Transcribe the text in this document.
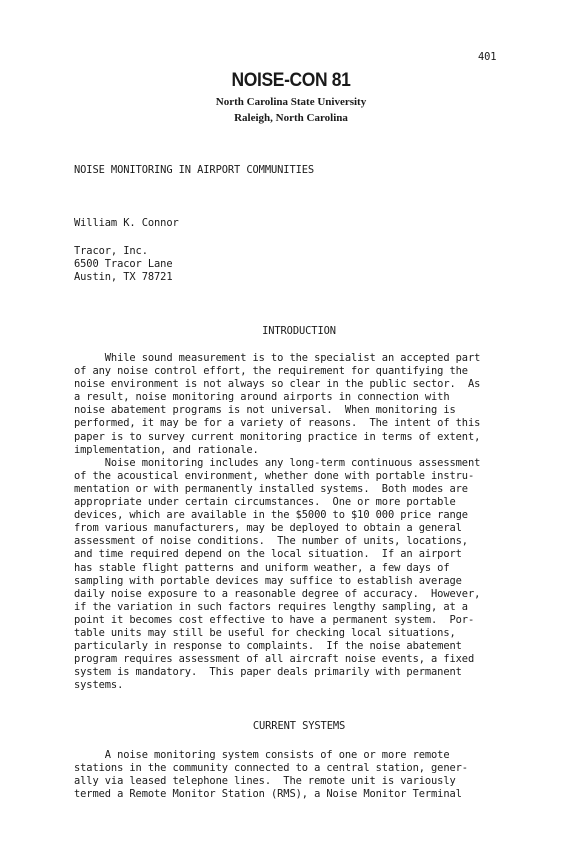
401
NOISE-CON 81
North Carolina State University
Raleigh, North Carolina
NOISE MONITORING IN AIRPORT COMMUNITIES
William K. Connor
Tracor, Inc.
6500 Tracor Lane
Austin, TX 78721
INTRODUCTION
While sound measurement is to the specialist an accepted part
of any noise control effort, the requirement for quantifying the
noise environment is not always so clear in the public sector.  As
a result, noise monitoring around airports in connection with
noise abatement programs is not universal.  When monitoring is
performed, it may be for a variety of reasons.  The intent of this
paper is to survey current monitoring practice in terms of extent,
implementation, and rationale.
Noise monitoring includes any long-term continuous assessment
of the acoustical environment, whether done with portable instru-
mentation or with permanently installed systems.  Both modes are
appropriate under certain circumstances.  One or more portable
devices, which are available in the $5000 to $10 000 price range
from various manufacturers, may be deployed to obtain a general
assessment of noise conditions.  The number of units, locations,
and time required depend on the local situation.  If an airport
has stable flight patterns and uniform weather, a few days of
sampling with portable devices may suffice to establish average
daily noise exposure to a reasonable degree of accuracy.  However,
if the variation in such factors requires lengthy sampling, at a
point it becomes cost effective to have a permanent system.  Por-
table units may still be useful for checking local situations,
particularly in response to complaints.  If the noise abatement
program requires assessment of all aircraft noise events, a fixed
system is mandatory.  This paper deals primarily with permanent
systems.
CURRENT SYSTEMS
A noise monitoring system consists of one or more remote
stations in the community connected to a central station, gener-
ally via leased telephone lines.  The remote unit is variously
termed a Remote Monitor Station (RMS), a Noise Monitor Terminal
